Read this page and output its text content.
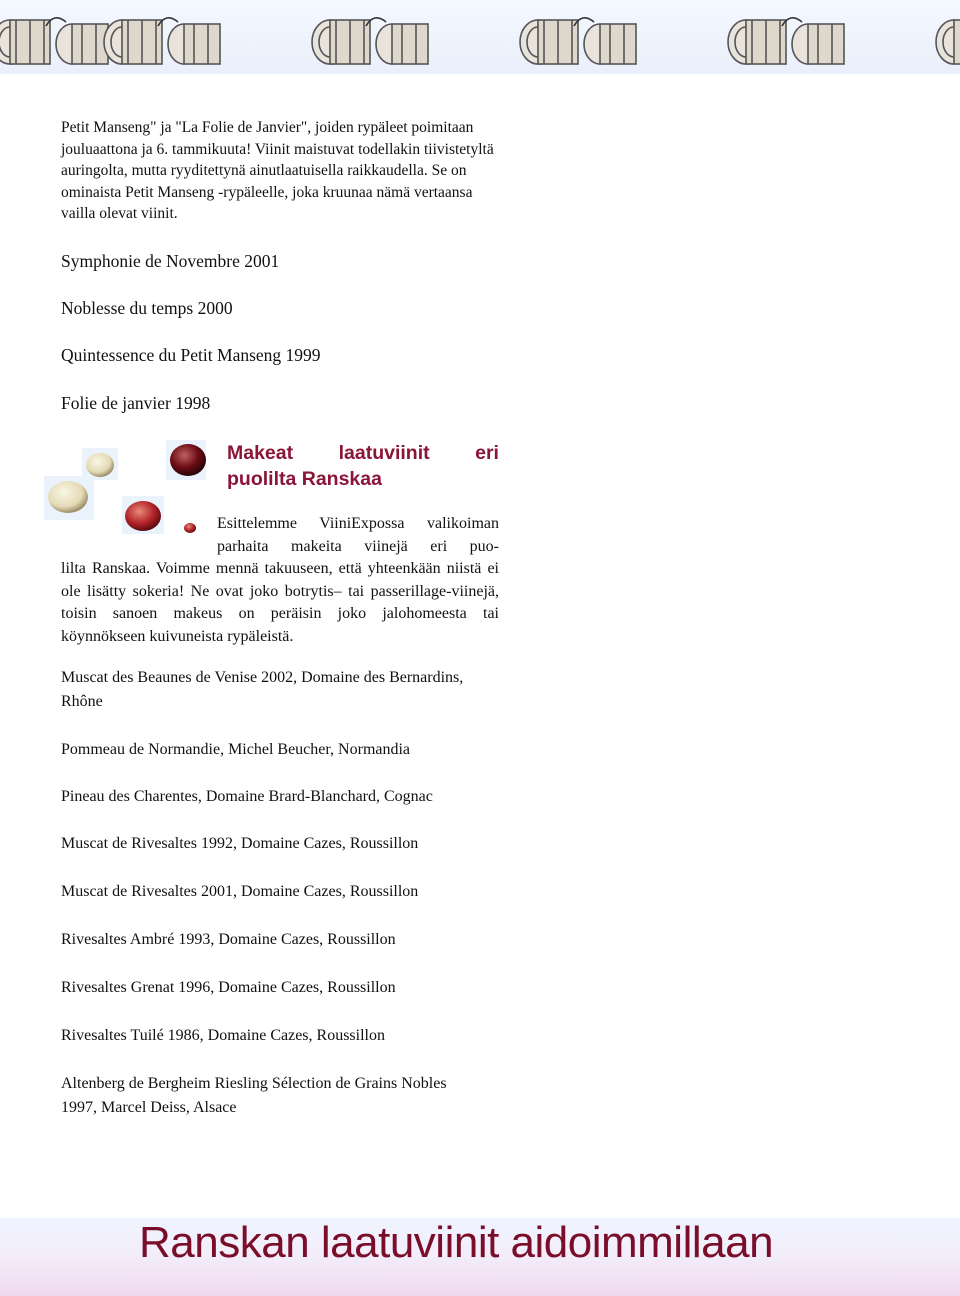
Petit Manseng" ja "La Folie de Janvier", joiden rypäleet poimitaan jouluaattona ja 6. tammikuuta! Viinit maistuvat todellakin tiivistetyltä auringolta, mutta ryyditettynä ainutlaatuisella raikkaudella. Se on ominaista Petit Manseng -rypäleelle, joka kruunaa nämä vertaansa vailla olevat viinit.

Symphonie de Novembre 2001

Noblesse du temps 2000

Quintessence du Petit Manseng 1999

Folie de janvier 1998

Makeat laatuviinit eri
puolilta Ranskaa

Esittelemme ViiniExpossa valikoiman parhaita makeita viinejä eri puo-
lilta Ranskaa. Voimme mennä takuuseen, että yhteenkään niistä ei ole lisätty sokeria! Ne ovat joko botrytis– tai passerillage-viinejä, toisin sanoen makeus on peräisin joko jalohomeesta tai köynnökseen kuivuneista rypäleistä.

Muscat des Beaunes de Venise 2002, Domaine des Bernardins, Rhône

Pommeau de Normandie, Michel Beucher, Normandia

Pineau des Charentes, Domaine Brard-Blanchard, Cognac

Muscat de Rivesaltes 1992, Domaine Cazes, Roussillon

Muscat de Rivesaltes 2001, Domaine Cazes, Roussillon

Rivesaltes Ambré 1993, Domaine Cazes, Roussillon

Rivesaltes Grenat 1996, Domaine Cazes, Roussillon

Rivesaltes Tuilé 1986, Domaine Cazes, Roussillon

Altenberg de Bergheim Riesling Sélection de Grains Nobles 1997, Marcel Deiss, Alsace

Ranskan laatuviinit aidoimmillaan
